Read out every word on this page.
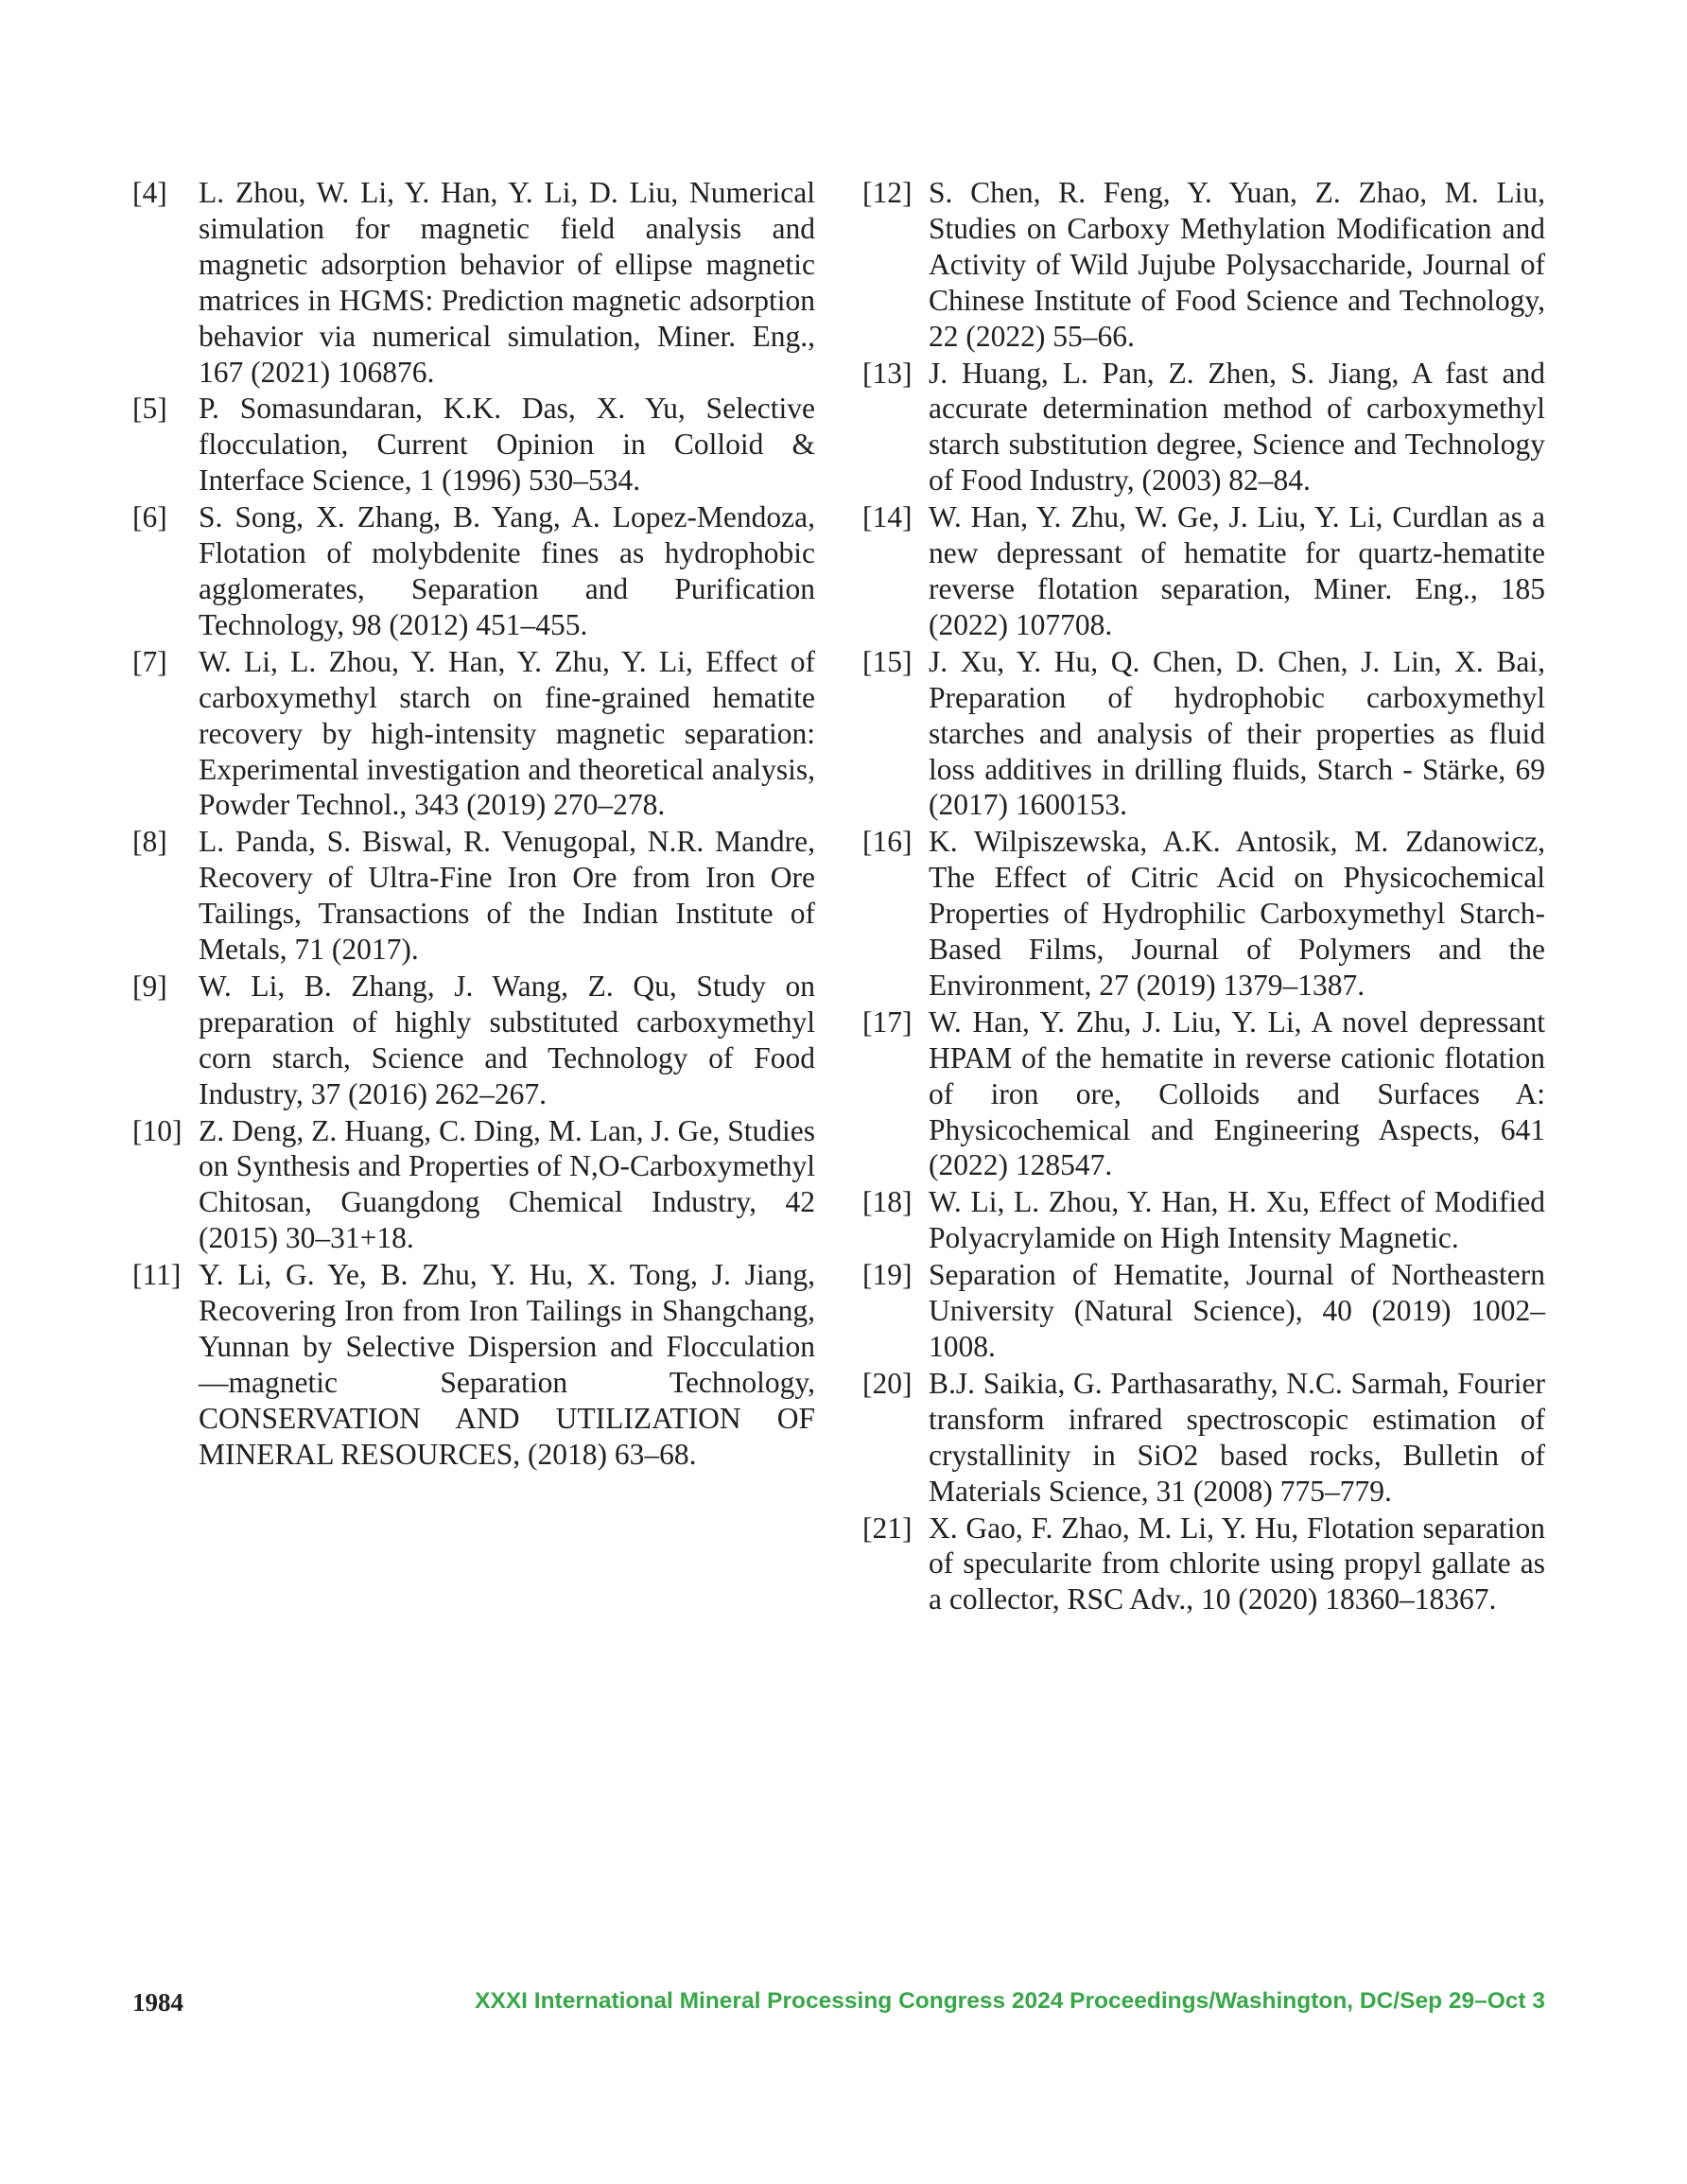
[4] L. Zhou, W. Li, Y. Han, Y. Li, D. Liu, Numerical simulation for magnetic field analysis and magnetic adsorption behavior of ellipse magnetic matrices in HGMS: Prediction magnetic adsorption behavior via numerical simulation, Miner. Eng., 167 (2021) 106876.
[5] P. Somasundaran, K.K. Das, X. Yu, Selective flocculation, Current Opinion in Colloid & Interface Science, 1 (1996) 530–534.
[6] S. Song, X. Zhang, B. Yang, A. Lopez-Mendoza, Flotation of molybdenite fines as hydrophobic agglomerates, Separation and Purification Technology, 98 (2012) 451–455.
[7] W. Li, L. Zhou, Y. Han, Y. Zhu, Y. Li, Effect of carboxymethyl starch on fine-grained hematite recovery by high-intensity magnetic separation: Experimental investigation and theoretical analysis, Powder Technol., 343 (2019) 270–278.
[8] L. Panda, S. Biswal, R. Venugopal, N.R. Mandre, Recovery of Ultra-Fine Iron Ore from Iron Ore Tailings, Transactions of the Indian Institute of Metals, 71 (2017).
[9] W. Li, B. Zhang, J. Wang, Z. Qu, Study on preparation of highly substituted carboxymethyl corn starch, Science and Technology of Food Industry, 37 (2016) 262–267.
[10] Z. Deng, Z. Huang, C. Ding, M. Lan, J. Ge, Studies on Synthesis and Properties of N,O-Carboxymethyl Chitosan, Guangdong Chemical Industry, 42 (2015) 30–31+18.
[11] Y. Li, G. Ye, B. Zhu, Y. Hu, X. Tong, J. Jiang, Recovering Iron from Iron Tailings in Shangchang, Yunnan by Selective Dispersion and Flocculation—magnetic Separation Technology, CONSERVATION AND UTILIZATION OF MINERAL RESOURCES, (2018) 63–68.
[12] S. Chen, R. Feng, Y. Yuan, Z. Zhao, M. Liu, Studies on Carboxy Methylation Modification and Activity of Wild Jujube Polysaccharide, Journal of Chinese Institute of Food Science and Technology, 22 (2022) 55–66.
[13] J. Huang, L. Pan, Z. Zhen, S. Jiang, A fast and accurate determination method of carboxymethyl starch substitution degree, Science and Technology of Food Industry, (2003) 82–84.
[14] W. Han, Y. Zhu, W. Ge, J. Liu, Y. Li, Curdlan as a new depressant of hematite for quartz-hematite reverse flotation separation, Miner. Eng., 185 (2022) 107708.
[15] J. Xu, Y. Hu, Q. Chen, D. Chen, J. Lin, X. Bai, Preparation of hydrophobic carboxymethyl starches and analysis of their properties as fluid loss additives in drilling fluids, Starch - Stärke, 69 (2017) 1600153.
[16] K. Wilpiszewska, A.K. Antosik, M. Zdanowicz, The Effect of Citric Acid on Physicochemical Properties of Hydrophilic Carboxymethyl Starch-Based Films, Journal of Polymers and the Environment, 27 (2019) 1379–1387.
[17] W. Han, Y. Zhu, J. Liu, Y. Li, A novel depressant HPAM of the hematite in reverse cationic flotation of iron ore, Colloids and Surfaces A: Physicochemical and Engineering Aspects, 641 (2022) 128547.
[18] W. Li, L. Zhou, Y. Han, H. Xu, Effect of Modified Polyacrylamide on High Intensity Magnetic.
[19] Separation of Hematite, Journal of Northeastern University (Natural Science), 40 (2019) 1002–1008.
[20] B.J. Saikia, G. Parthasarathy, N.C. Sarmah, Fourier transform infrared spectroscopic estimation of crystallinity in SiO2 based rocks, Bulletin of Materials Science, 31 (2008) 775–779.
[21] X. Gao, F. Zhao, M. Li, Y. Hu, Flotation separation of specularite from chlorite using propyl gallate as a collector, RSC Adv., 10 (2020) 18360–18367.
1984	XXXI International Mineral Processing Congress 2024 Proceedings/Washington, DC/Sep 29–Oct 3
